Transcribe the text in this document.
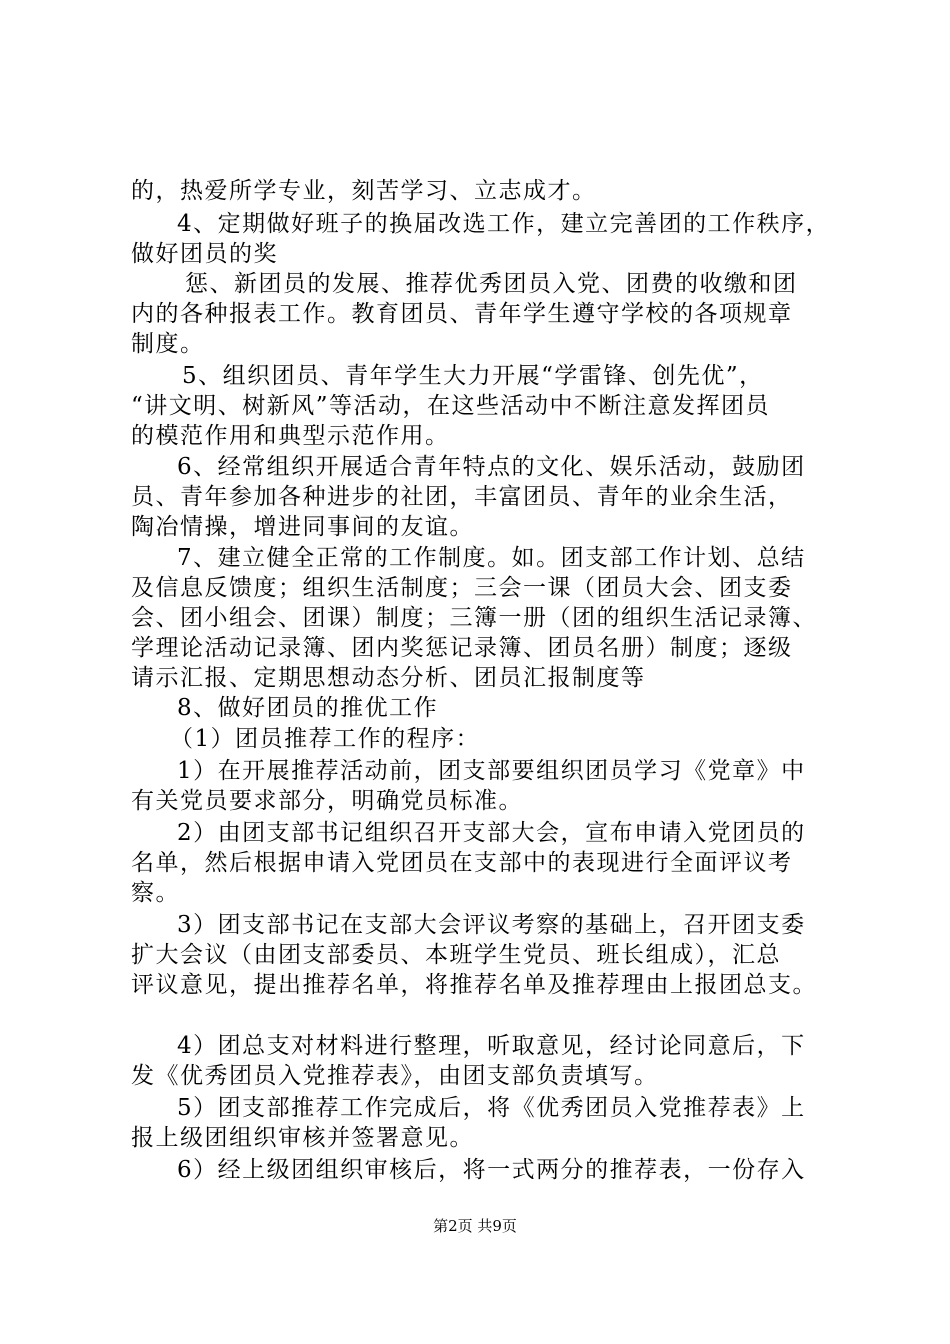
的，热爱所学专业，刻苦学习、立志成才。
4、定期做好班子的换届改选工作，建立完善团的工作秩序，
做好团员的奖
惩、新团员的发展、推荐优秀团员入党、团费的收缴和团
内的各种报表工作。教育团员、青年学生遵守学校的各项规章
制度。
5、组织团员、青年学生大力开展“学雷锋、创先优”，
“讲文明、树新风”等活动，在这些活动中不断注意发挥团员
的模范作用和典型示范作用。
6、经常组织开展适合青年特点的文化、娱乐活动，鼓励团
员、青年参加各种进步的社团，丰富团员、青年的业余生活，
陶冶情操，增进同事间的友谊。
7、建立健全正常的工作制度。如。团支部工作计划、总结
及信息反馈度；组织生活制度；三会一课（团员大会、团支委
会、团小组会、团课）制度；三簿一册（团的组织生活记录簿、
学理论活动记录簿、团内奖惩记录簿、团员名册）制度；逐级
请示汇报、定期思想动态分析、团员汇报制度等
8、做好团员的推优工作
（1）团员推荐工作的程序：
1）在开展推荐活动前，团支部要组织团员学习《党章》中
有关党员要求部分，明确党员标准。
2）由团支部书记组织召开支部大会，宣布申请入党团员的
名单，然后根据申请入党团员在支部中的表现进行全面评议考
察。
3）团支部书记在支部大会评议考察的基础上，召开团支委
扩大会议（由团支部委员、本班学生党员、班长组成），汇总
评议意见，提出推荐名单，将推荐名单及推荐理由上报团总支。
4）团总支对材料进行整理，听取意见，经讨论同意后，下
发《优秀团员入党推荐表》，由团支部负责填写。
5）团支部推荐工作完成后，将《优秀团员入党推荐表》上
报上级团组织审核并签署意见。
6）经上级团组织审核后，将一式两分的推荐表，一份存入
第2页 共9页
